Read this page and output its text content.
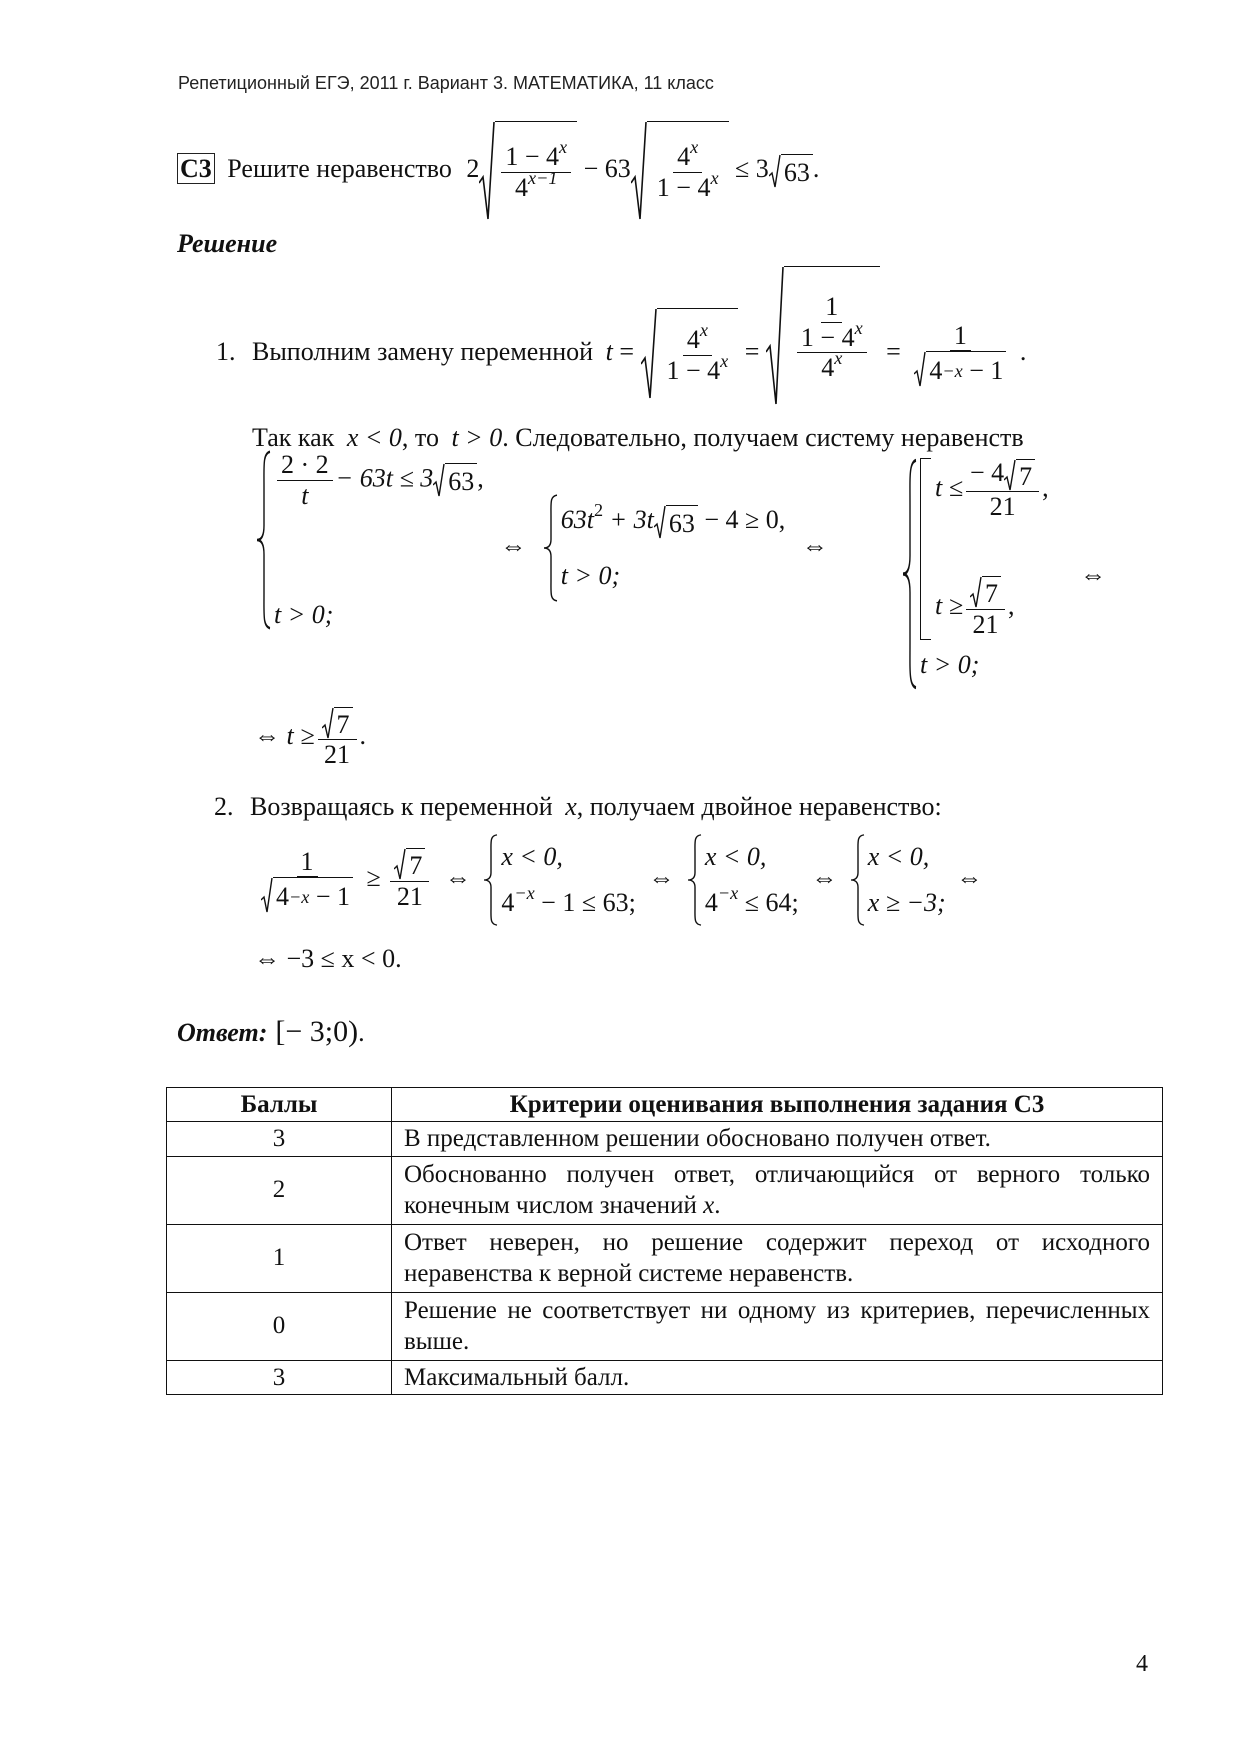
Репетиционный ЕГЭ, 2011 г. Вариант 3. МАТЕМАТИКА, 11 класс
С3 Решите неравенство $2 \frac{1 - 4^x}{4^{x-1}} - 63 \frac{4^x}{1 - 4^x} \le 3$ 63 .
Решение
1. Выполним замену переменной $t = \frac{4^x}{1 - 4^x} = \frac{1}{\frac{1 - 4^x}{4^x}} = 1$
4 −x
− 1 .
Так как x < 0, то t > 0. Следовательно, получаем систему неравенств
$\frac{2 \cdot 2}{t} - 63t \le 3$ 63 ,
t > 0;
⇔
$63t^2 + 3t$ 63 − 4 ≥ 0,
t > 0;
⇔
$t \le \frac{- 4 7}{21}$ ,
$t \ge \frac{7}{21}$ ,
t > 0;
⇔
⇔ $t \ge \frac{7}{21}$ .
2. Возвращаясь к переменной x, получаем двойное неравенство:
1
4 −x
− $1 \ge \frac{7}{21}$ ⇔
x < 0,
$4^{-x} - 1 \le 63$;
⇔
x < 0,
$4^{-x} \le 64$;
⇔
x < 0,
x ≥ −3;
⇔
⇔ −3 ≤ x < 0.
Ответ: [− 3;0).
Баллы	Критерии оценивания выполнения задания С3
3	В представленном решении обосновано получен ответ.
2	Обоснованно получен ответ, отличающийся от верного только конечным числом значений x.
1	Ответ неверен, но решение содержит переход от исходного неравенства к верной системе неравенств.
0	Решение не соответствует ни одному из критериев, перечисленных выше.
3	Максимальный балл.
4
